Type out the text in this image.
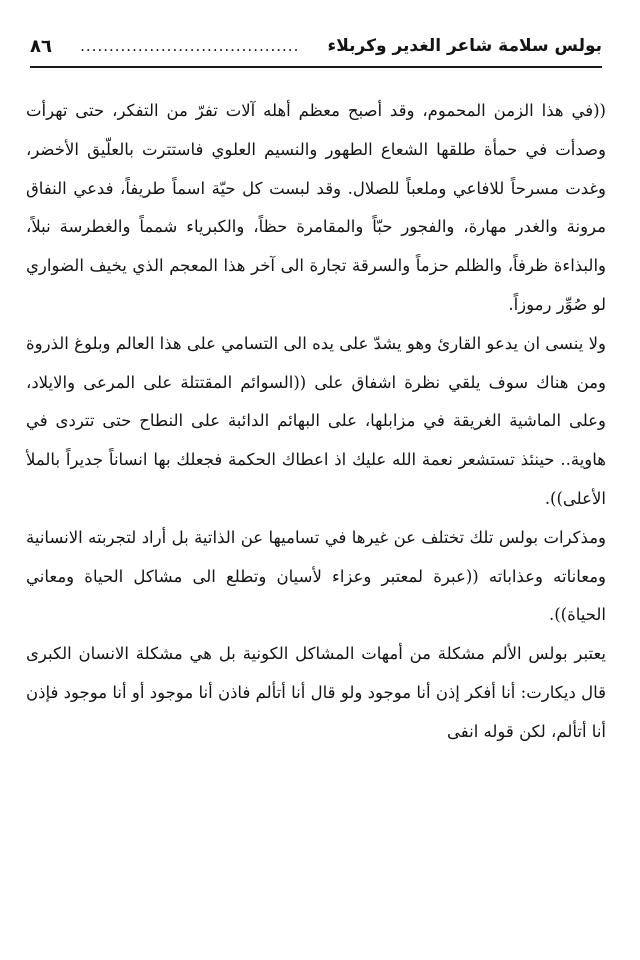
بولس سلامة شاعر الغدير وكربلاء
......................................
٨٦

((في هذا الزمن المحموم، وقد أصبح معظم أهله آلات تفرّ من التفكر، حتى تهرأت وصدأت في حمأة طلقها الشعاع الطهور والنسيم العلوي فاستترت بالعلّيق الأخضر، وغدت مسرحاً للافاعي وملعباً للصلال. وقد لبست كل حيّة اسماً طريفاً، فدعي النفاق مرونة والغدر مهارة، والفجور حبّاً والمقامرة حظاً، والكبرياء شمماً والغطرسة نبلاً، والبذاءة ظرفاً، والظلم حزماً والسرقة تجارة الى آخر هذا المعجم الذي يخيف الضواري لو صُوِّر رموزاً.

ولا ينسى ان يدعو القارئ وهو يشدّ على يده الى التسامي على هذا العالم وبلوغ الذروة ومن هناك سوف يلقي نظرة اشفاق على ((السوائم المقتتلة على المرعى والايلاد، وعلى الماشية الغريقة في مزابلها، على البهائم الدائبة على النطاح حتى تتردى في هاوية.. حينئذ تستشعر نعمة الله عليك اذ اعطاك الحكمة فجعلك بها انساناً جديراً بالملأ الأعلى)).

ومذكرات بولس تلك تختلف عن غيرها في تساميها عن الذاتية بل أراد لتجربته الانسانية ومعاناته وعذاباته ((عبرة لمعتبر وعزاء لأسيان وتطلع الى مشاكل الحياة ومعاني الحياة)).

يعتبر بولس الألم مشكلة من أمهات المشاكل الكونية بل هي مشكلة الانسان الكبرى قال ديكارت: أنا أفكر إذن أنا موجود ولو قال أنا أتألم فاذن أنا موجود أو أنا موجود فإذن أنا أتألم، لكن قوله انفى
